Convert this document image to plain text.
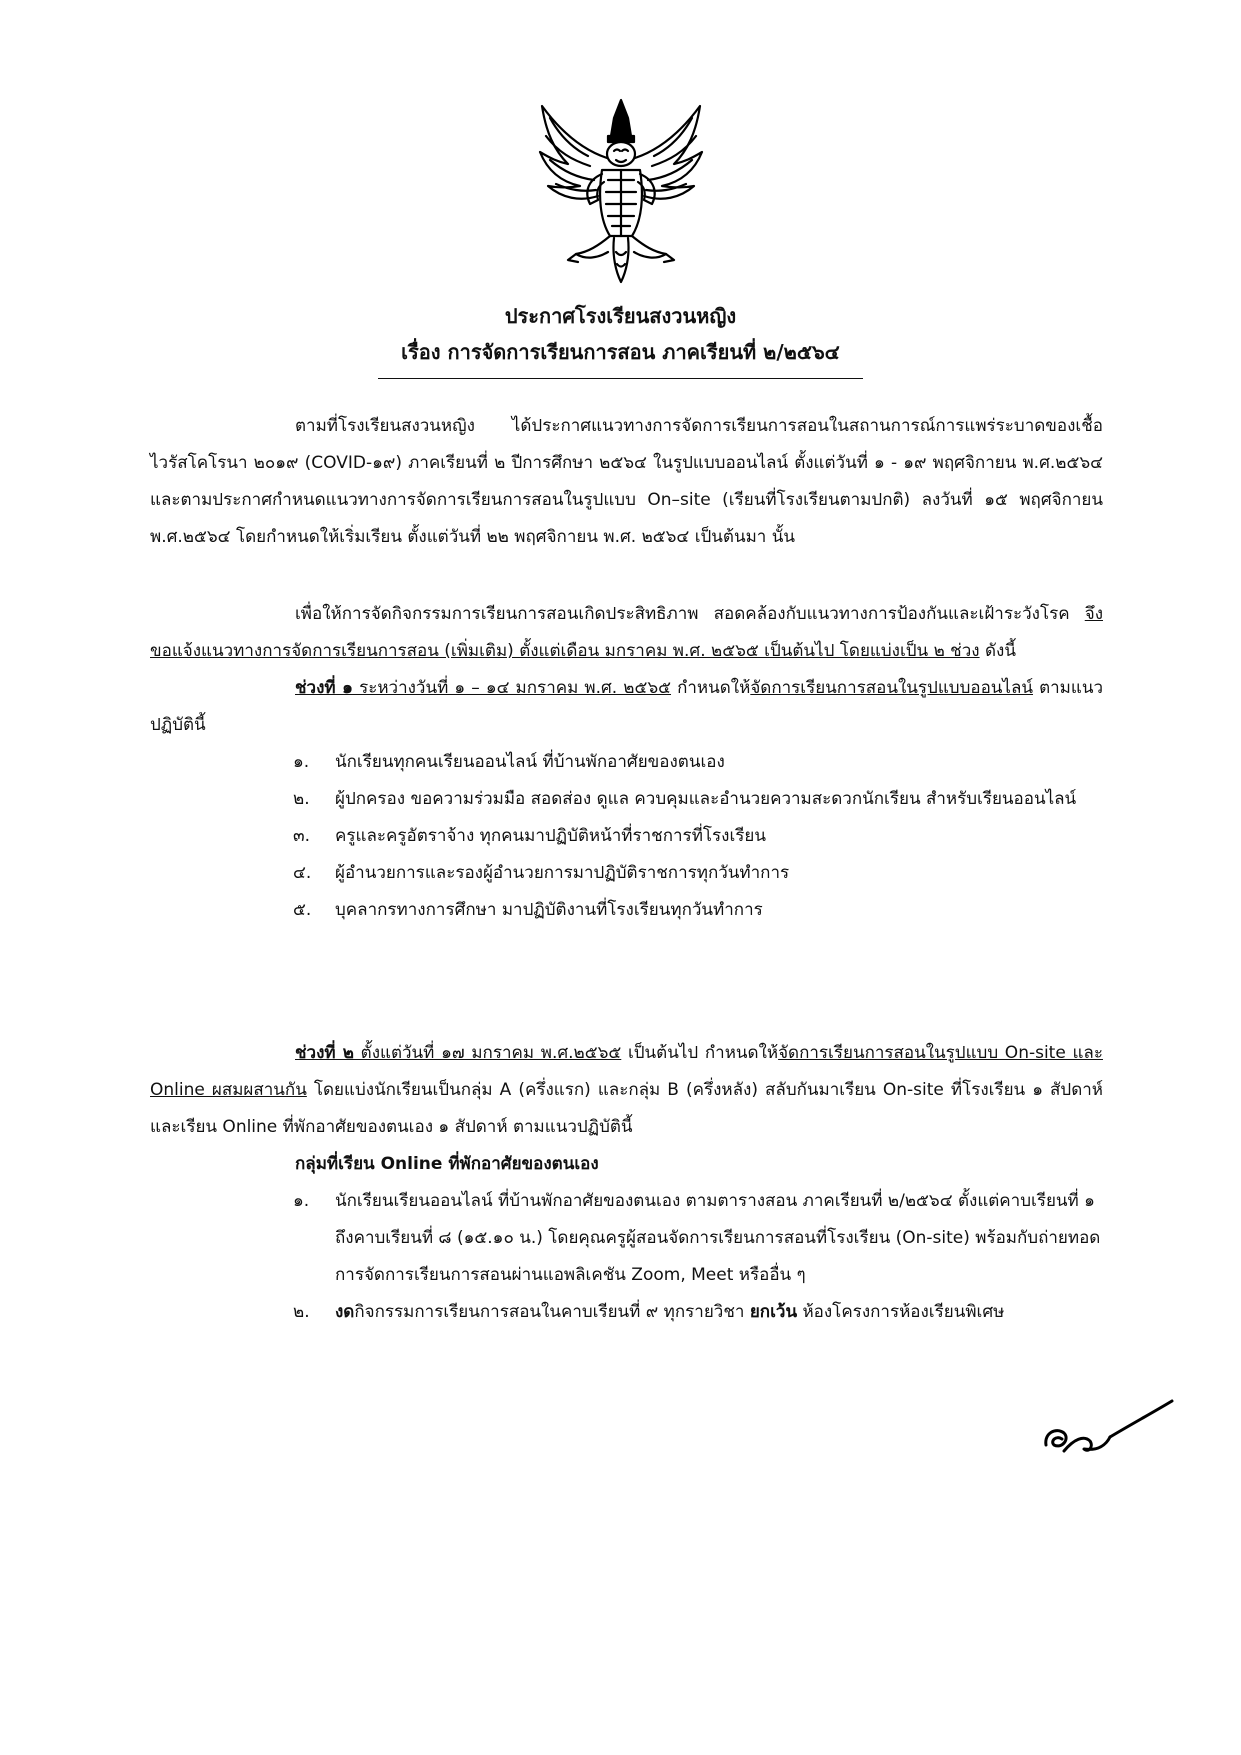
ประกาศโรงเรียนสงวนหญิง
เรื่อง การจัดการเรียนการสอน ภาคเรียนที่ ๒/๒๕๖๔

ตามที่โรงเรียนสงวนหญิง ได้ประกาศแนวทางการจัดการเรียนการสอนในสถานการณ์การแพร่ระบาดของเชื้อไวรัสโคโรนา ๒๐๑๙ (COVID-๑๙) ภาคเรียนที่ ๒ ปีการศึกษา ๒๕๖๔ ในรูปแบบออนไลน์ ตั้งแต่วันที่ ๑ - ๑๙ พฤศจิกายน พ.ศ.๒๕๖๔ และตามประกาศกำหนดแนวทางการจัดการเรียนการสอนในรูปแบบ On–site (เรียนที่โรงเรียนตามปกติ) ลงวันที่ ๑๕ พฤศจิกายน พ.ศ.๒๕๖๔ โดยกำหนดให้เริ่มเรียน ตั้งแต่วันที่ ๒๒ พฤศจิกายน พ.ศ. ๒๕๖๔ เป็นต้นมา นั้น

เพื่อให้การจัดกิจกรรมการเรียนการสอนเกิดประสิทธิภาพ สอดคล้องกับแนวทางการป้องกันและเฝ้าระวังโรค จึงขอแจ้งแนวทางการจัดการเรียนการสอน (เพิ่มเติม) ตั้งแต่เดือน มกราคม พ.ศ. ๒๕๖๕ เป็นต้นไป โดยแบ่งเป็น ๒ ช่วง ดังนี้

ช่วงที่ ๑ ระหว่างวันที่ ๑ – ๑๔ มกราคม พ.ศ. ๒๕๖๕ กำหนดให้จัดการเรียนการสอนในรูปแบบออนไลน์ ตามแนวปฏิบัตินี้

๑. นักเรียนทุกคนเรียนออนไลน์ ที่บ้านพักอาศัยของตนเอง
๒. ผู้ปกครอง ขอความร่วมมือ สอดส่อง ดูแล ควบคุมและอำนวยความสะดวกนักเรียน สำหรับเรียนออนไลน์
๓. ครูและครูอัตราจ้าง ทุกคนมาปฏิบัติหน้าที่ราชการที่โรงเรียน
๔. ผู้อำนวยการและรองผู้อำนวยการมาปฏิบัติราชการทุกวันทำการ
๕. บุคลากรทางการศึกษา มาปฏิบัติงานที่โรงเรียนทุกวันทำการ

ช่วงที่ ๒ ตั้งแต่วันที่ ๑๗ มกราคม พ.ศ.๒๕๖๕ เป็นต้นไป กำหนดให้จัดการเรียนการสอนในรูปแบบ On-site และ Online ผสมผสานกัน โดยแบ่งนักเรียนเป็นกลุ่ม A (ครึ่งแรก) และกลุ่ม B (ครึ่งหลัง) สลับกันมาเรียน On-site ที่โรงเรียน ๑ สัปดาห์ และเรียน Online ที่พักอาศัยของตนเอง ๑ สัปดาห์ ตามแนวปฏิบัตินี้

กลุ่มที่เรียน Online ที่พักอาศัยของตนเอง

๑. นักเรียนเรียนออนไลน์ ที่บ้านพักอาศัยของตนเอง ตามตารางสอน ภาคเรียนที่ ๒/๒๕๖๔ ตั้งแต่คาบเรียนที่ ๑ ถึงคาบเรียนที่ ๘ (๑๕.๑๐ น.) โดยคุณครูผู้สอนจัดการเรียนการสอนที่โรงเรียน (On-site) พร้อมกับถ่ายทอดการจัดการเรียนการสอนผ่านแอพลิเคชัน Zoom, Meet หรืออื่น ๆ
๒. งดกิจกรรมการเรียนการสอนในคาบเรียนที่ ๙ ทุกรายวิชา ยกเว้น ห้องโครงการห้องเรียนพิเศษ
